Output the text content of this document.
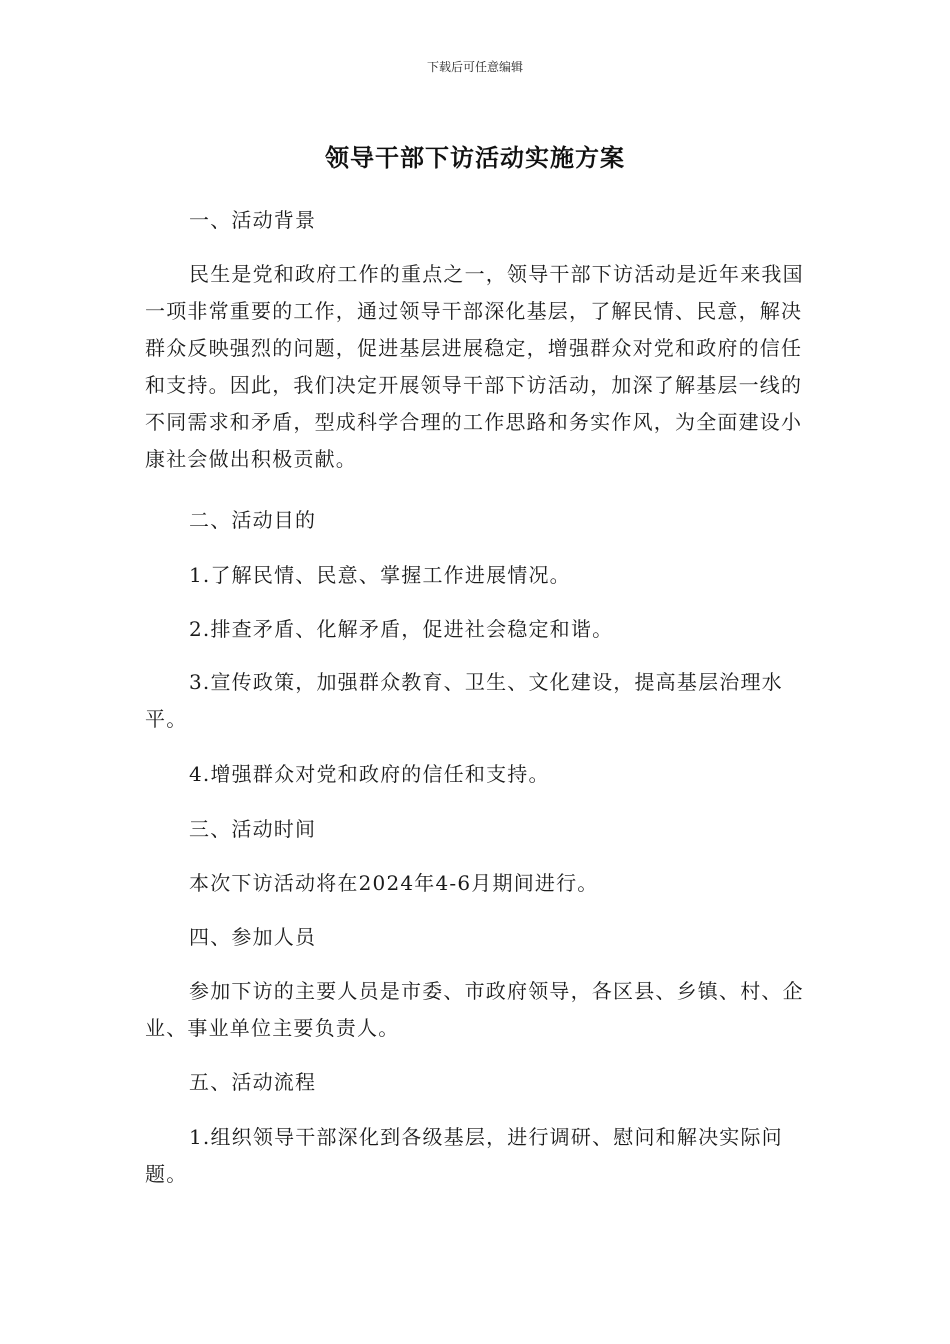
下载后可任意编辑
领导干部下访活动实施方案

一、活动背景

民生是党和政府工作的重点之一，领导干部下访活动是近年来我国一项非常重要的工作，通过领导干部深化基层，了解民情、民意，解决群众反映强烈的问题，促进基层进展稳定，增强群众对党和政府的信任和支持。因此，我们决定开展领导干部下访活动，加深了解基层一线的不同需求和矛盾，型成科学合理的工作思路和务实作风，为全面建设小康社会做出积极贡献。

二、活动目的

1.了解民情、民意、掌握工作进展情况。

2.排查矛盾、化解矛盾，促进社会稳定和谐。

3.宣传政策，加强群众教育、卫生、文化建设，提高基层治理水平。

4.增强群众对党和政府的信任和支持。

三、活动时间

本次下访活动将在2024年4-6月期间进行。

四、参加人员

参加下访的主要人员是市委、市政府领导，各区县、乡镇、村、企业、事业单位主要负责人。

五、活动流程

1.组织领导干部深化到各级基层，进行调研、慰问和解决实际问题。
